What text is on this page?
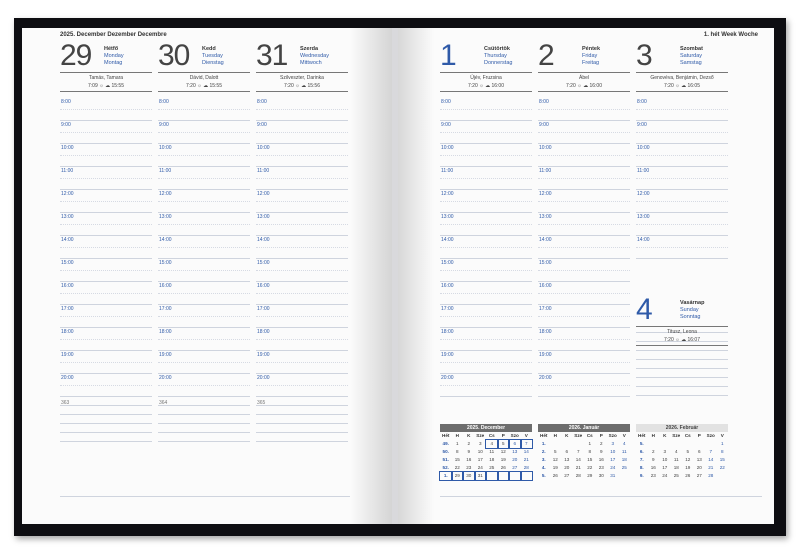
2025. December Dezember Decembre
29 Hétfő
Monday
Montag
Tamás, Tamara
7:09 ☼ ☁ 15:55
8:00
9:00
10:00
11:00
12:00
13:00
14:00
15:00
16:00
17:00
18:00
19:00
20:00
363
30 Kedd
Tuesday
Dienstag
Dávid, Dalott
7:20 ☼ ☁ 15:55
8:00
9:00
10:00
11:00
12:00
13:00
14:00
15:00
16:00
17:00
18:00
19:00
20:00
364
31 Szerda
Wednesday
Mittwoch
Szilveszter, Darinka
7:20 ☼ ☁ 15:56
8:00
9:00
10:00
11:00
12:00
13:00
14:00
15:00
16:00
17:00
18:00
19:00
20:00
365
1. hét Week Woche
1	Csütörtök
Thursday
Donnerstag
Újév, Fruzsina
7:20 ☼ ☁ 16:00
8:00
9:00
10:00
11:00
12:00
13:00
14:00
15:00
16:00
17:00
18:00
19:00
20:00
2	Péntek
Friday
Freitag
Ábel
7:20 ☼ ☁ 16:00
8:00
9:00
10:00
11:00
12:00
13:00
14:00
15:00
16:00
17:00
18:00
19:00
20:00
3	Szombat
Saturday
Samstag
Genovéva, Benjámin, Dezső
7:20 ☼ ☁ 16:05
8:00
9:00
10:00
11:00
12:00
13:00
14:00
4	Vasárnap
Sunday
Sonntag
Titusz, Leona
7:20 ☼ ☁ 16:07
2025. December
Hét	H	K	Sze	Cs	P	Szo	V
49.	1	2	3	4	5	6	7
50.	8	9	10	11	12	13	14
51.	15	16	17	18	19	20	21
52.	22	23	24	25	26	27	28
1.	29	30	31				
2026. Január
Hét	H	K	Sze	Cs	P	Szo	V
1.				1	2	3	4
2.	5	6	7	8	9	10	11
3.	12	13	14	15	16	17	18
4.	19	20	21	22	23	24	25
5.	26	27	28	29	30	31	
2026. Február
Hét	H	K	Sze	Cs	P	Szo	V
5.							1
6.	2	3	4	5	6	7	8
7.	9	10	11	12	13	14	15
8.	16	17	18	19	20	21	22
9.	23	24	25	26	27	28	
